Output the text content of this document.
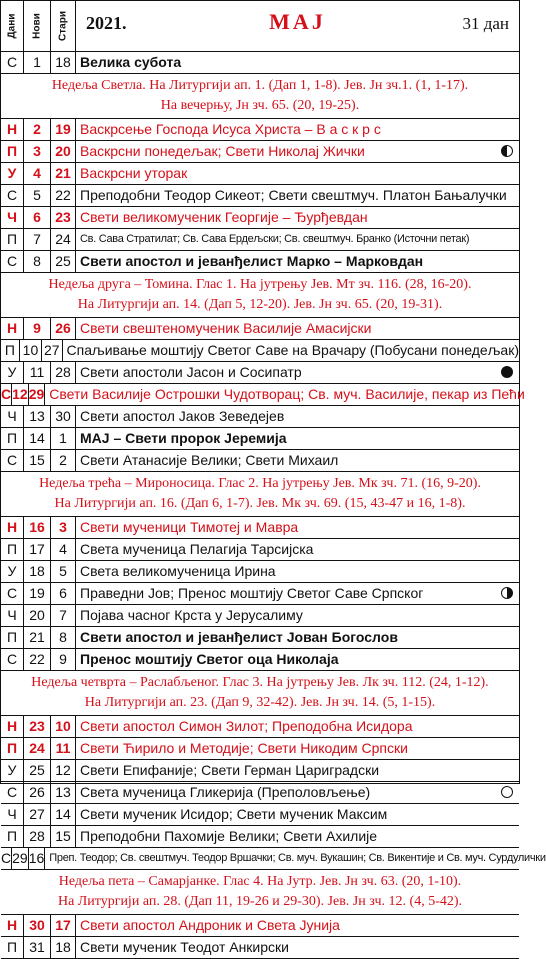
Дани Нови Стари 2021.	МАЈ	31 дан
С	1	18 Велика субота
Недеља Светла. На Литургији ап. 1. (Дап 1, 1-8). Јев. Јн зч.1. (1, 1-17).
На вечерњу, Јн зч. 65. (20, 19-25).
Н	2	19 Васкрсење Господа Исуса Христа – В а с к р с
П	3	20 Васкрсни понедељак; Свети Николај Жички
У	4	21 Васкрсни уторак
С	5	22 Преподобни Теодор Сикеот; Свети свештмуч. Платон Бањалучки
Ч	6	23 Свети великомученик Георгије – Ђурђевдан
П	7	24 Св. Сава Стратилат; Св. Сава Ердељски; Св. свештмуч. Бранко (Источни петак)
С	8	25 Свети апостол и јеванђелист Марко – Марковдан
Недеља друга – Томина. Глас 1. На јутрењу Јев. Мт зч. 116. (28, 16-20).
На Литургији ап. 14. (Дап 5, 12-20). Јев. Јн зч. 65. (20, 19-31).
Н	9	26 Свети свештеномученик Василије Амасијски
П 10 27 Спаљивање моштију Светог Саве на Врачару (Побусани понедељак)
У 11 28 Свети апостоли Јасон и Сосипатр
С 12 29 Свети Василије Острошки Чудотворац; Св. муч. Василије, пекар из Пећи
Ч 13 30 Свети апостол Јаков Зеведејев
П 14	1 МАЈ – Свети пророк Јеремија
С 15	2 Свети Атанасије Велики; Свети Михаил
Недеља трећа – Мироносица. Глас 2. На јутрењу Јев. Мк зч. 71. (16, 9-20).
На Литургији ап. 16. (Дап 6, 1-7). Јев. Мк зч. 69. (15, 43-47 и 16, 1-8).
Н 16	3 Свети мученици Тимотеј и Мавра
П 17	4 Света мученица Пелагија Тарсијска
У 18	5 Света великомученица Ирина
С 19	6 Праведни Јов; Пренос моштију Светог Саве Српског
Ч 20	7 Појава часног Крста у Јерусалиму
П 21	8 Свети апостол и јеванђелист Јован Богослов
С 22	9 Пренос моштију Светог оца Николаја
Недеља четврта – Раслабљеног. Глас 3. На јутрењу Јев. Лк зч. 112. (24, 1-12).
На Литургији ап. 23. (Дап 9, 32-42). Јев. Јн зч. 14. (5, 1-15).
Н 23 10 Свети апостол Симон Зилот; Преподобна Исидора
П 24 11 Свети Ћирило и Методије; Свети Никодим Српски
У 25 12 Свети Епифаније; Свети Герман Цариградски
С 26 13 Света мученица Гликерија (Преполовљење)
Ч 27 14 Свети мученик Исидор; Свети мученик Максим
П 28 15 Преподобни Пахомије Велики; Свети Ахилије
С 29 16 Преп. Теодор; Св. свештмуч. Теодор Вршачки; Св. муч. Вукашин; Св. Викентије и Св. муч. Сурдулички
Недеља пета – Самарјанке. Глас 4. На Јутр. Јев. Јн зч. 63. (20, 1-10).
На Литургији ап. 28. (Дап 11, 19-26 и 29-30). Јев. Јн зч. 12. (4, 5-42).
Н 30 17 Свети апостол Андроник и Света Јунија
П 31 18 Свети мученик Теодот Анкирски
